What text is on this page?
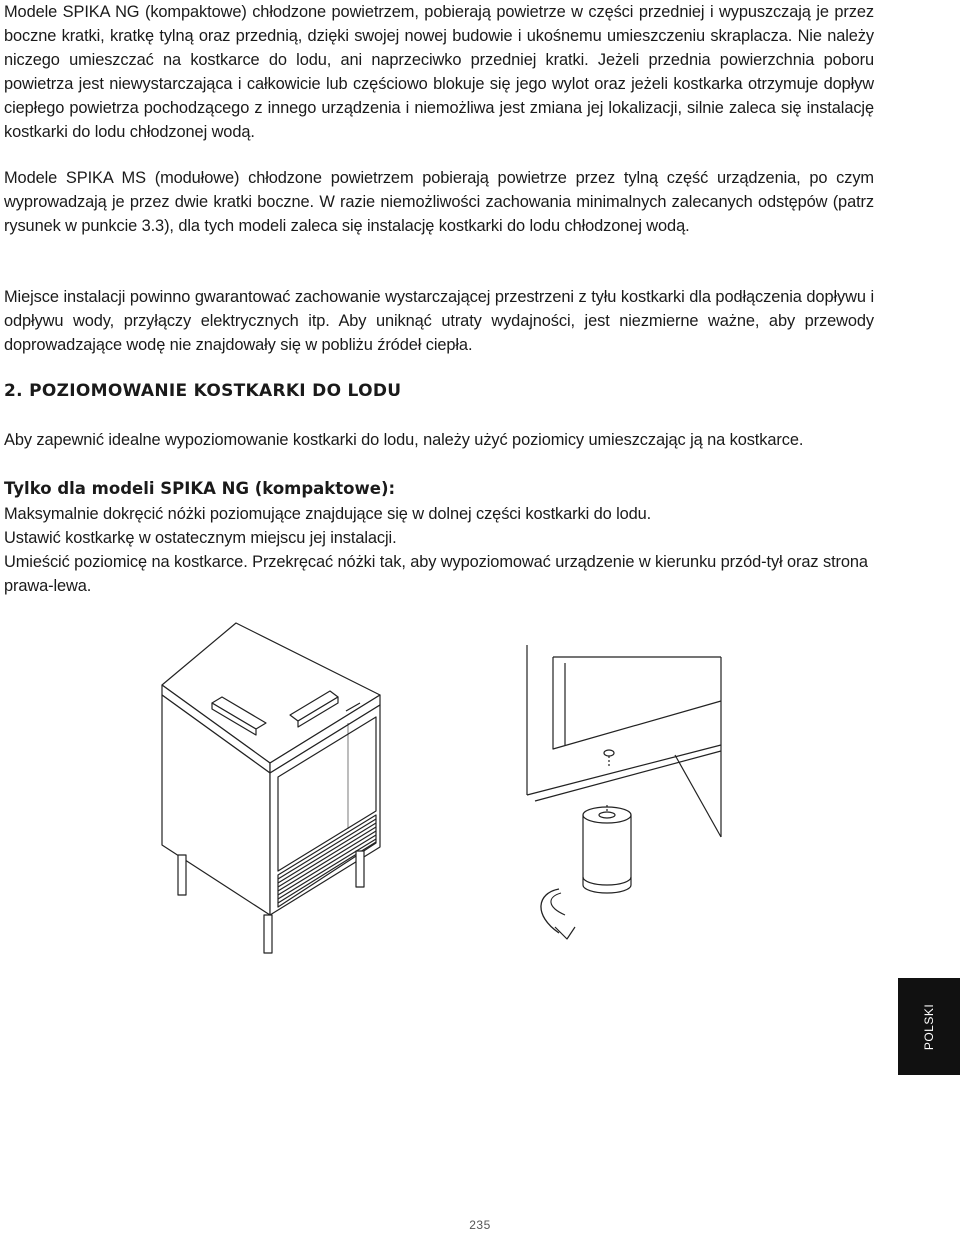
Modele SPIKA NG (kompaktowe) chłodzone powietrzem, pobierają powietrze w części przedniej i wypuszczają je przez boczne kratki, kratkę tylną oraz przednią, dzięki swojej nowej budowie i ukośnemu umieszczeniu skraplacza. Nie należy niczego umieszczać na kostkarce do lodu, ani naprzeciwko przedniej kratki. Jeżeli przednia powierzchnia poboru powietrza jest niewystarczająca i całkowicie lub częściowo blokuje się jego wylot oraz jeżeli kostkarka otrzymuje dopływ ciepłego powietrza pochodzącego z innego urządzenia i niemożliwa jest zmiana jej lokalizacji, silnie zaleca się instalację kostkarki do lodu chłodzonej wodą.

Modele SPIKA MS (modułowe) chłodzone powietrzem pobierają powietrze przez tylną część urządzenia, po czym wyprowadzają je przez dwie kratki boczne. W razie niemożliwości zachowania minimalnych zalecanych odstępów (patrz rysunek w punkcie 3.3), dla tych modeli zaleca się instalację kostkarki do lodu chłodzonej wodą.

Miejsce instalacji powinno gwarantować zachowanie wystarczającej przestrzeni z tyłu kostkarki dla podłączenia dopływu i odpływu wody, przyłączy elektrycznych itp. Aby uniknąć utraty wydajności, jest niezmierne ważne, aby przewody doprowadzające wodę nie znajdowały się w pobliżu źródeł ciepła.

2. POZIOMOWANIE KOSTKARKI DO LODU

Aby zapewnić idealne wypoziomowanie kostkarki do lodu, należy użyć poziomicy umieszczając ją na kostkarce.

Tylko dla modeli SPIKA NG (kompaktowe):

Maksymalnie dokręcić nóżki poziomujące znajdujące się w dolnej części kostkarki do lodu.

Ustawić kostkarkę w ostatecznym miejscu jej instalacji.

Umieścić poziomicę na kostkarce. Przekręcać nóżki tak, aby wypoziomować urządzenie w kierunku przód-tył oraz strona prawa-lewa.

POLSKI
235
